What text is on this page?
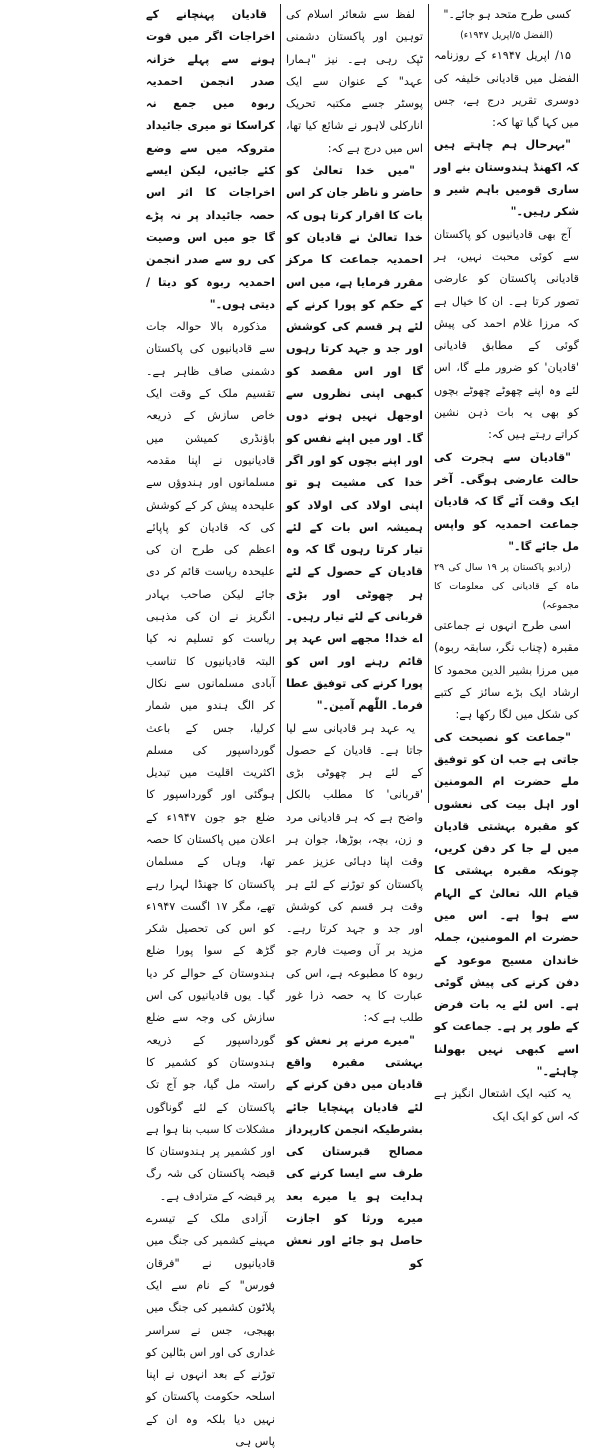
کسی طرح متحد ہو جائے۔"

(الفضل ۵/اپریل ۱۹۴۷ء)

۱۵/ اپریل ۱۹۴۷ء کے روزنامہ الفضل میں قادیانی خلیفہ کی دوسری تقریر درج ہے، جس میں کہا گیا تھا کہ:

"بہرحال ہم چاہتے ہیں کہ اکھنڈ ہندوستان بنے اور ساری قومیں باہم شیر و شکر رہیں۔"

آج بھی قادیانیوں کو پاکستان سے کوئی محبت نہیں، ہر قادیانی پاکستان کو عارضی تصور کرتا ہے۔ ان کا خیال ہے کہ مرزا غلام احمد کی پیش گوئی کے مطابق قادیانی 'قادیان' کو ضرور ملے گا، اس لئے وہ اپنے چھوٹے چھوٹے بچوں کو بھی یہ بات ذہن نشین کراتے رہتے ہیں کہ:

"قادیان سے ہجرت کی حالت عارضی ہوگی۔ آخر ایک وقت آئے گا کہ قادیان جماعت احمدیہ کو واپس مل جائے گا۔"

(رادیو پاکستان پر ۱۹ سال کی ۲۹ ماہ کے قادیانی کی معلومات کا مجموعہ)

اسی طرح انہوں نے جماعتی مقبرہ (چناب نگر، سابقہ ربوہ) میں مرزا بشیر الدین محمود کا ارشاد ایک بڑے سائز کے کتبے کی شکل میں لگا رکھا ہے:

"جماعت کو نصیحت کی جاتی ہے جب ان کو توفیق ملے حضرت ام المومنین اور اہل بیت کی نعشوں کو مقبرہ بہشتی قادیان میں لے جا کر دفن کریں، چونکہ مقبرہ بہشتی کا قیام اللہ تعالیٰ کے الہام سے ہوا ہے۔ اس میں حضرت ام المومنین، جملہ خاندان مسیح موعود کے دفن کرنے کی پیش گوئی ہے۔ اس لئے یہ بات فرض کے طور پر ہے۔ جماعت کو اسے کبھی نہیں بھولنا چاہئے۔"

یہ کتبہ ایک اشتعال انگیز ہے کہ اس کو ایک ایک

لفظ سے شعائر اسلام کی توہین اور پاکستان دشمنی ٹپک رہی ہے۔ نیز "ہمارا عہد" کے عنوان سے ایک پوسٹر جسے مکتبہ تحریک انارکلی لاہور نے شائع کیا تھا، اس میں درج ہے کہ:

"میں خدا تعالیٰ کو حاضر و ناظر جان کر اس بات کا اقرار کرتا ہوں کہ خدا تعالیٰ نے قادیان کو احمدیہ جماعت کا مرکز مقرر فرمایا ہے، میں اس کے حکم کو پورا کرنے کے لئے ہر قسم کی کوشش اور جد و جہد کرتا رہوں گا اور اس مقصد کو کبھی اپنی نظروں سے اوجھل نہیں ہونے دوں گا۔ اور میں اپنے نفس کو اور اپنے بچوں کو اور اگر خدا کی مشیت ہو تو اپنی اولاد کی اولاد کو ہمیشہ اس بات کے لئے تیار کرتا رہوں گا کہ وہ قادیان کے حصول کے لئے ہر چھوٹی اور بڑی قربانی کے لئے تیار رہیں۔ اے خدا! مجھے اس عہد پر قائم رہنے اور اس کو پورا کرنے کی توفیق عطا فرما۔ اللّٰھم آمین۔"

یہ عہد ہر قادیانی سے لیا جاتا ہے۔ قادیان کے حصول کے لئے ہر چھوٹی بڑی 'قربانی' کا مطلب بالکل واضح ہے کہ ہر قادیانی مرد و زن، بچہ، بوڑھا، جوان ہر وقت اپنا دہائی عزیز عمر پاکستان کو توڑنے کے لئے ہر وقت ہر قسم کی کوشش اور جد و جہد کرتا رہے۔ مزید بر آں وصیت فارم جو ربوہ کا مطبوعہ ہے، اس کی عبارت کا یہ حصہ ذرا غور طلب ہے کہ:

"میرے مرنے پر نعش کو بہشتی مقبرہ واقع قادیان میں دفن کرنے کے لئے قادیان پہنچایا جائے بشرطیکہ انجمن کارپرداز مصالح قبرستان کی طرف سے ایسا کرنے کی ہدایت ہو یا میرے بعد میرے ورثا کو اجازت حاصل ہو جائے اور نعش کو

قادیان پہنچانے کے اخراجات اگر میں فوت ہونے سے پہلے خزانہ صدر انجمن احمدیہ ربوہ میں جمع نہ کراسکا تو میری جائیداد متروکہ میں سے وضع کئے جائیں، لیکن ایسے اخراجات کا اثر اس حصہ جائیداد پر نہ پڑے گا جو میں اس وصیت کی رو سے صدر انجمن احمدیہ ربوہ کو دیتا / دیتی ہوں۔"

مذکورہ بالا حوالہ جات سے قادیانیوں کی پاکستان دشمنی صاف ظاہر ہے۔ تقسیم ملک کے وقت ایک خاص سازش کے ذریعہ باؤنڈری کمیشن میں قادیانیوں نے اپنا مقدمہ مسلمانوں اور ہندوؤں سے علیحدہ پیش کر کے کوشش کی کہ قادیان کو پاپائے اعظم کی طرح ان کی علیحدہ ریاست قائم کر دی جائے لیکن صاحب بہادر انگریز نے ان کی مذہبی ریاست کو تسلیم نہ کیا البتہ قادیانیوں کا تناسب آبادی مسلمانوں سے نکال کر الگ ہندو میں شمار کرلیا، جس کے باعث گورداسپور کی مسلم اکثریت اقلیت میں تبدیل ہوگئی اور گورداسپور کا ضلع جو جون ۱۹۴۷ء کے اعلان میں پاکستان کا حصہ تھا، وہاں کے مسلمان پاکستان کا جھنڈا لہرا رہے تھے، مگر ۱۷ اگست ۱۹۴۷ء کو اس کی تحصیل شکر گڑھ کے سوا پورا ضلع ہندوستان کے حوالے کر دیا گیا۔ یوں قادیانیوں کی اس سازش کی وجہ سے ضلع گورداسپور کے ذریعہ ہندوستان کو کشمیر کا راستہ مل گیا، جو آج تک پاکستان کے لئے گوناگوں مشکلات کا سبب بنا ہوا ہے اور کشمیر پر ہندوستان کا قبضہ پاکستان کی شہ رگ پر قبضہ کے مترادف ہے۔

آزادی ملک کے تیسرے مہینے کشمیر کی جنگ میں قادیانیوں نے "فرقان فورس" کے نام سے ایک پلاٹون کشمیر کی جنگ میں بھیجی، جس نے سراسر غداری کی اور اس بٹالین کو توڑنے کے بعد انہوں نے اپنا اسلحہ حکومت پاکستان کو نہیں دیا بلکہ وہ ان کے پاس ہی
